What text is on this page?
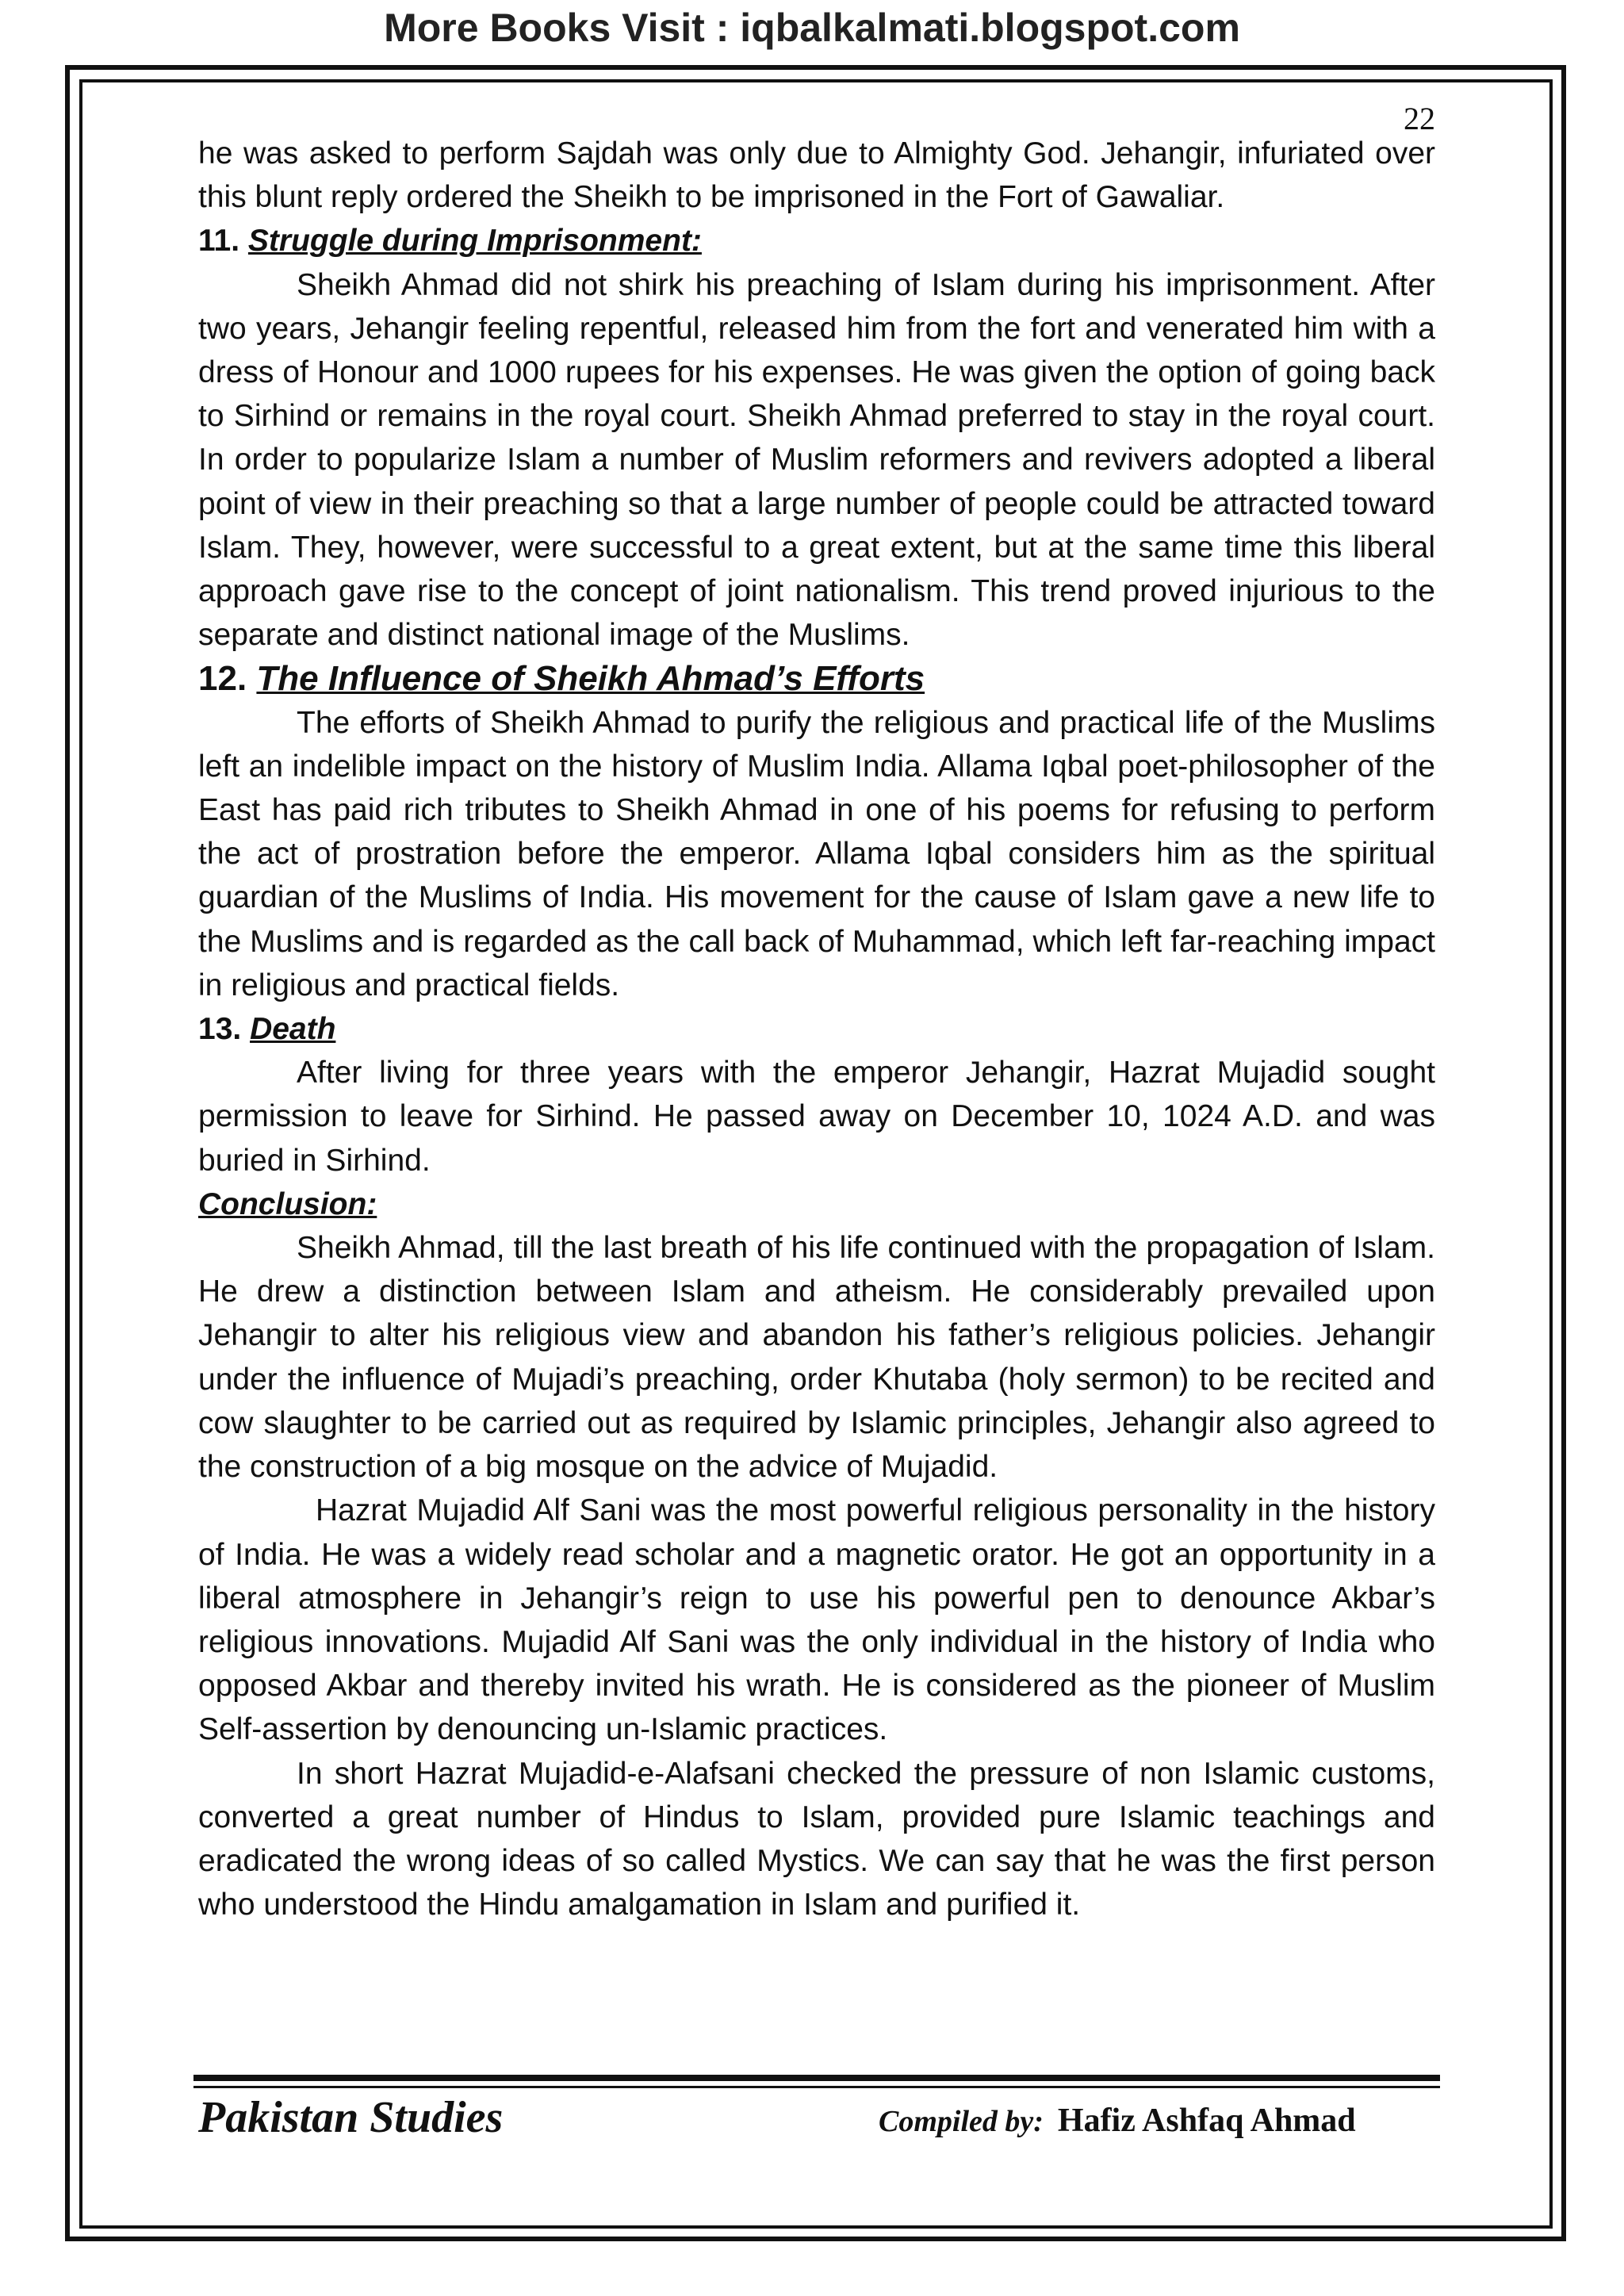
More Books Visit : iqbalkalmati.blogspot.com
22

he was asked to perform Sajdah was only due to Almighty God. Jehangir, infuriated over this blunt reply ordered the Sheikh to be imprisoned in the Fort of Gawaliar.

11. Struggle during Imprisonment:

Sheikh Ahmad did not shirk his preaching of Islam during his imprisonment. After two years, Jehangir feeling repentful, released him from the fort and venerated him with a dress of Honour and 1000 rupees for his expenses. He was given the option of going back to Sirhind or remains in the royal court. Sheikh Ahmad preferred to stay in the royal court. In order to popularize Islam a number of Muslim reformers and revivers adopted a liberal point of view in their preaching so that a large number of people could be attracted toward Islam. They, however, were successful to a great extent, but at the same time this liberal approach gave rise to the concept of joint nationalism. This trend proved injurious to the separate and distinct national image of the Muslims.

12. The Influence of Sheikh Ahmad’s Efforts

The efforts of Sheikh Ahmad to purify the religious and practical life of the Muslims left an indelible impact on the history of Muslim India. Allama Iqbal poet-philosopher of the East has paid rich tributes to Sheikh Ahmad in one of his poems for refusing to perform the act of prostration before the emperor. Allama Iqbal considers him as the spiritual guardian of the Muslims of India. His movement for the cause of Islam gave a new life to the Muslims and is regarded as the call back of Muhammad, which left far-reaching impact in religious and practical fields.

13. Death

After living for three years with the emperor Jehangir, Hazrat Mujadid sought permission to leave for Sirhind. He passed away on December 10, 1024 A.D. and was buried in Sirhind.

Conclusion:

Sheikh Ahmad, till the last breath of his life continued with the propagation of Islam. He drew a distinction between Islam and atheism. He considerably prevailed upon Jehangir to alter his religious view and abandon his father’s religious policies. Jehangir under the influence of Mujadi’s preaching, order Khutaba (holy sermon) to be recited and cow slaughter to be carried out as required by Islamic principles, Jehangir also agreed to the construction of a big mosque on the advice of Mujadid.

Hazrat Mujadid Alf Sani was the most powerful religious personality in the history of India. He was a widely read scholar and a magnetic orator. He got an opportunity in a liberal atmosphere in Jehangir’s reign to use his powerful pen to denounce Akbar’s religious innovations. Mujadid Alf Sani was the only individual in the history of India who opposed Akbar and thereby invited his wrath. He is considered as the pioneer of Muslim Self-assertion by denouncing un-Islamic practices.

In short Hazrat Mujadid-e-Alafsani checked the pressure of non Islamic customs, converted a great number of Hindus to Islam, provided pure Islamic teachings and eradicated the wrong ideas of so called Mystics. We can say that he was the first person who understood the Hindu amalgamation in Islam and purified it.

Pakistan Studies	Compiled by: Hafiz Ashfaq Ahmad
